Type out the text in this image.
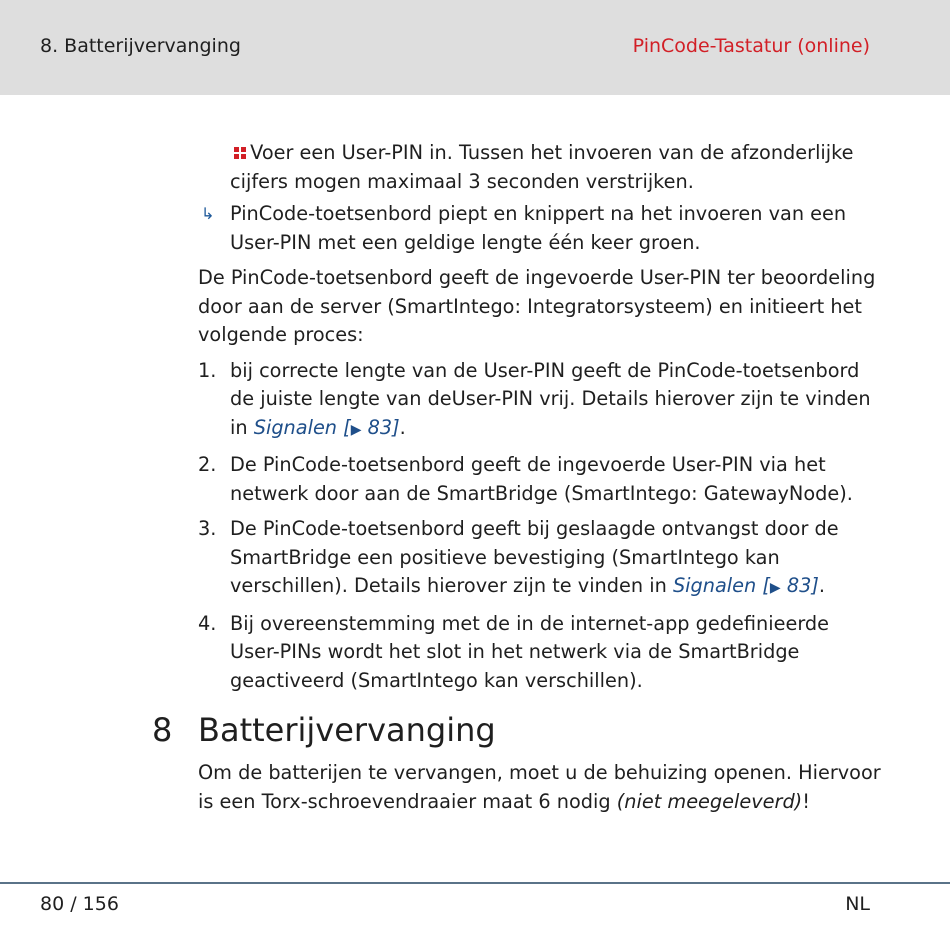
8. Batterijvervanging	PinCode-Tastatur (online)
Voer een User-PIN in. Tussen het invoeren van de afzonderlijke cijfers mogen maximaal 3 seconden verstrijken.
↳ PinCode-toetsenbord piept en knippert na het invoeren van een User-PIN met een geldige lengte één keer groen.

De PinCode-toetsenbord geeft de ingevoerde User-PIN ter beoordeling door aan de server (SmartIntego: Integratorsysteem) en initieert het volgende proces:

1. bij correcte lengte van de User-PIN geeft de PinCode-toetsenbord de juiste lengte van deUser-PIN vrij. Details hierover zijn te vinden in Signalen [▶ 83].
2. De PinCode-toetsenbord geeft de ingevoerde User-PIN via het netwerk door aan de SmartBridge (SmartIntego: GatewayNode).
3. De PinCode-toetsenbord geeft bij geslaagde ontvangst door de SmartBridge een positieve bevestiging (SmartIntego kan verschillen). Details hierover zijn te vinden in Signalen [▶ 83].
4. Bij overeenstemming met de in de internet-app gedefinieerde User-PINs wordt het slot in het netwerk via de SmartBridge geactiveerd (SmartIntego kan verschillen).
8 Batterijvervanging
Om de batterijen te vervangen, moet u de behuizing openen. Hiervoor is een Torx-schroevendraaier maat 6 nodig (niet meegeleverd)!
80 / 156	NL
